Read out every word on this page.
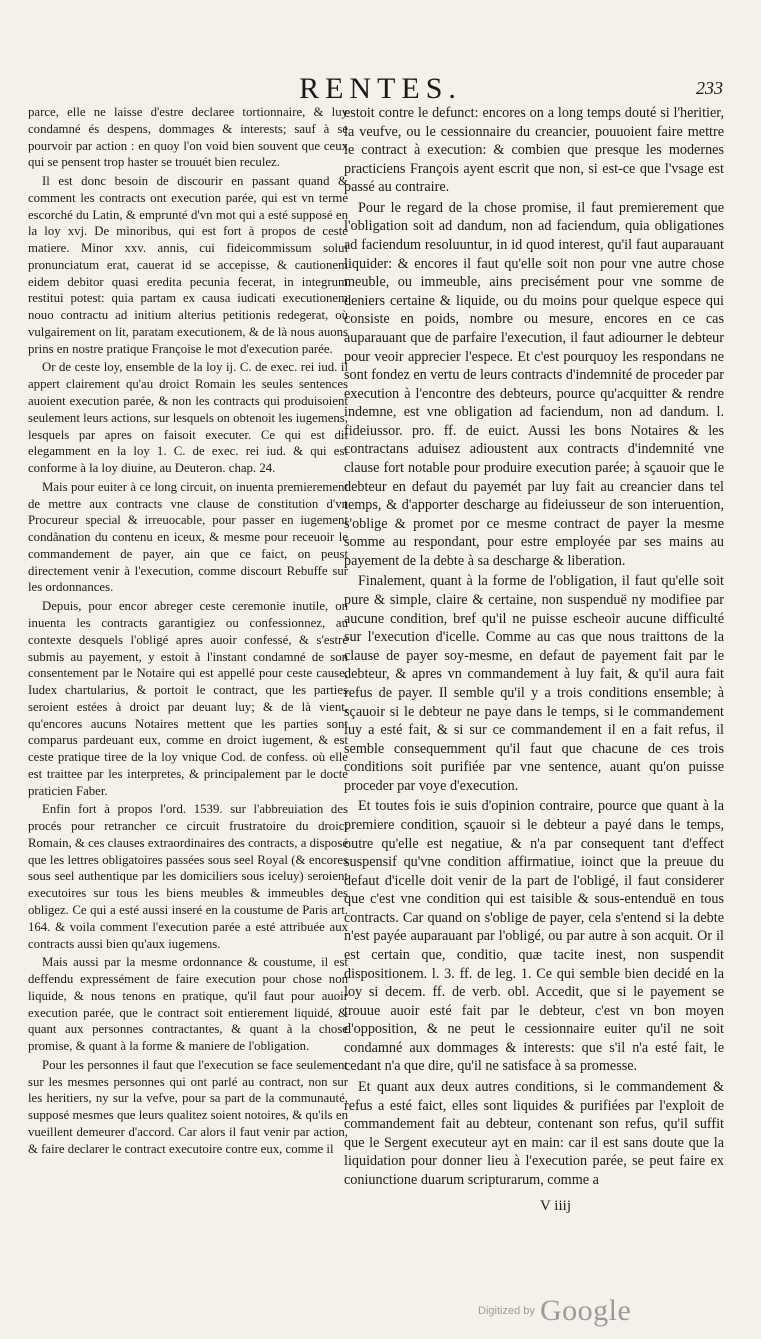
RENTES.	233

parce, elle ne laisse d'estre declaree tortionnaire, & luy condamné és despens, dommages & interests; sauf à se pourvoir par action : en quoy l'on void bien souvent que ceux qui se pensent trop haster se trouuét bien reculez.

Il est donc besoin de discourir en passant quand & comment les contracts ont execution parée, qui est vn terme escorché du Latin, & emprunté d'vn mot qui a esté supposé en la loy xvj. De minoribus, qui est fort à propos de ceste matiere. Minor xxv. annis, cui fideicommissum solui pronunciatum erat, cauerat id se accepisse, & cautionem eidem debitor quasi eredita pecunia fecerat, in integrum restitui potest: quia partam ex causa iudicati executionem nouo contractu ad initium alterius petitionis redegerat, où vulgairement on lit, paratam executionem, & de là nous auons prins en nostre pratique Françoise le mot d'execution parée.

Or de ceste loy, ensemble de la loy ij. C. de exec. rei iud. il appert clairement qu'au droict Romain les seules sentences auoient execution parée, & non les contracts qui produisoient seulement leurs actions, sur lesquels on obtenoit les iugemens, lesquels par apres on faisoit executer. Ce qui est dit elegamment en la loy 1. C. de exec. rei iud. & qui est conforme à la loy diuine, au Deuteron. chap. 24.

Mais pour euiter à ce long circuit, on inuenta premierement de mettre aux contracts vne clause de constitution d'vn Procureur special & irreuocable, pour passer en iugement condânation du contenu en iceux, & mesme pour receuoir le commandement de payer, ain que ce faict, on peust directement venir à l'execution, comme discourt Rebuffe sur les ordonnances.

Depuis, pour encor abreger ceste ceremonie inutile, on inuenta les contracts garantigiez ou confessionnez, au contexte desquels l'obligé apres auoir confessé, & s'estre submis au payement, y estoit à l'instant condamné de son consentement par le Notaire qui est appellé pour ceste cause, Iudex chartularius, & portoit le contract, que les parties seroient estées à droict par deuant luy; & de là vient, qu'encores aucuns Notaires mettent que les parties sont comparus pardeuant eux, comme en droict iugement, & est ceste pratique tiree de la loy vnique Cod. de confess. où elle est traittee par les interpretes, & principalement par le docte praticien Faber.

Enfin fort à propos l'ord. 1539. sur l'abbreuiation des procés pour retrancher ce circuit frustratoire du droict Romain, & ces clauses extraordinaires des contracts, a disposé que les lettres obligatoires passées sous seel Royal (& encores sous seel authentique par les domiciliers sous iceluy) seroient executoires sur tous les biens meubles & immeubles des obligez. Ce qui a esté aussi inseré en la coustume de Paris art. 164. & voila comment l'execution parée a esté attribuée aux contracts aussi bien qu'aux iugemens.

Mais aussi par la mesme ordonnance & coustume, il est deffendu expressément de faire execution pour chose non liquide, & nous tenons en pratique, qu'il faut pour auoir execution parée, que le contract soit entierement liquidé, & quant aux personnes contractantes, & quant à la chose promise, & quant à la forme & maniere de l'obligation.

Pour les personnes il faut que l'execution se face seulement sur les mesmes personnes qui ont parlé au contract, non sur les heritiers, ny sur la vefve, pour sa part de la communauté, supposé mesmes que leurs qualitez soient notoires, & qu'ils en vueillent demeurer d'accord. Car alors il faut venir par action, & faire declarer le contract executoire contre eux, comme il

estoit contre le defunct: encores on a long temps douté si l'heritier, la veufve, ou le cessionnaire du creancier, pouuoient faire mettre le contract à execution: & combien que presque les modernes practiciens François ayent escrit que non, si est-ce que l'vsage est passé au contraire.

Pour le regard de la chose promise, il faut premierement que l'obligation soit ad dandum, non ad faciendum, quia obligationes ad faciendum resoluuntur, in id quod interest, qu'il faut auparauant liquider: & encores il faut qu'elle soit non pour vne autre chose meuble, ou immeuble, ains precisément pour vne somme de deniers certaine & liquide, ou du moins pour quelque espece qui consiste en poids, nombre ou mesure, encores en ce cas auparauant que de parfaire l'execution, il faut adiourner le debteur pour veoir apprecier l'espece. Et c'est pourquoy les respondans ne sont fondez en vertu de leurs contracts d'indemnité de proceder par execution à l'encontre des debteurs, pource qu'acquitter & rendre indemne, est vne obligation ad faciendum, non ad dandum. l. fideiussor. pro. ff. de euict. Aussi les bons Notaires & les contractans aduisez adioustent aux contracts d'indemnité vne clause fort notable pour produire execution parée; à sçauoir que le debteur en defaut du payemét par luy fait au creancier dans tel temps, & d'apporter descharge au fideiusseur de son interuention, s'oblige & promet por ce mesme contract de payer la mesme somme au respondant, pour estre employée par ses mains au payement de la debte à sa descharge & liberation.

Finalement, quant à la forme de l'obligation, il faut qu'elle soit pure & simple, claire & certaine, non suspenduë ny modifiee par aucune condition, bref qu'il ne puisse escheoir aucune difficulté sur l'execution d'icelle. Comme au cas que nous traittons de la clause de payer soy-mesme, en defaut de payement fait par le debteur, & apres vn commandement à luy fait, & qu'il aura fait refus de payer. Il semble qu'il y a trois conditions ensemble; à sçauoir si le debteur ne paye dans le temps, si le commandement luy a esté fait, & si sur ce commandement il en a fait refus, il semble consequemment qu'il faut que chacune de ces trois conditions soit purifiée par vne sentence, auant qu'on puisse proceder par voye d'execution.

Et toutes fois ie suis d'opinion contraire, pource que quant à la premiere condition, sçauoir si le debteur a payé dans le temps, outre qu'elle est negatiue, & n'a par consequent tant d'effect suspensif qu'vne condition affirmatiue, ioinct que la preuue du defaut d'icelle doit venir de la part de l'obligé, il faut considerer que c'est vne condition qui est taisible & sous-entenduë en tous contracts. Car quand on s'oblige de payer, cela s'entend si la debte n'est payée auparauant par l'obligé, ou par autre à son acquit. Or il est certain que, conditio, quæ tacite inest, non suspendit dispositionem. l. 3. ff. de leg. 1. Ce qui semble bien decidé en la loy si decem. ff. de verb. obl. Accedit, que si le payement se trouue auoir esté fait par le debteur, c'est vn bon moyen d'opposition, & ne peut le cessionnaire euiter qu'il ne soit condamné aux dommages & interests: que s'il n'a esté fait, le cedant n'a que dire, qu'il ne satisface à sa promesse.

Et quant aux deux autres conditions, si le commandement & refus a esté faict, elles sont liquides & purifiées par l'exploit de commandement fait au debteur, contenant son refus, qu'il suffit que le Sergent executeur ayt en main: car il est sans doute que la liquidation pour donner lieu à l'execution parée, se peut faire ex coniunctione duarum scripturarum, comme a

V iiij
Digitized by Google
